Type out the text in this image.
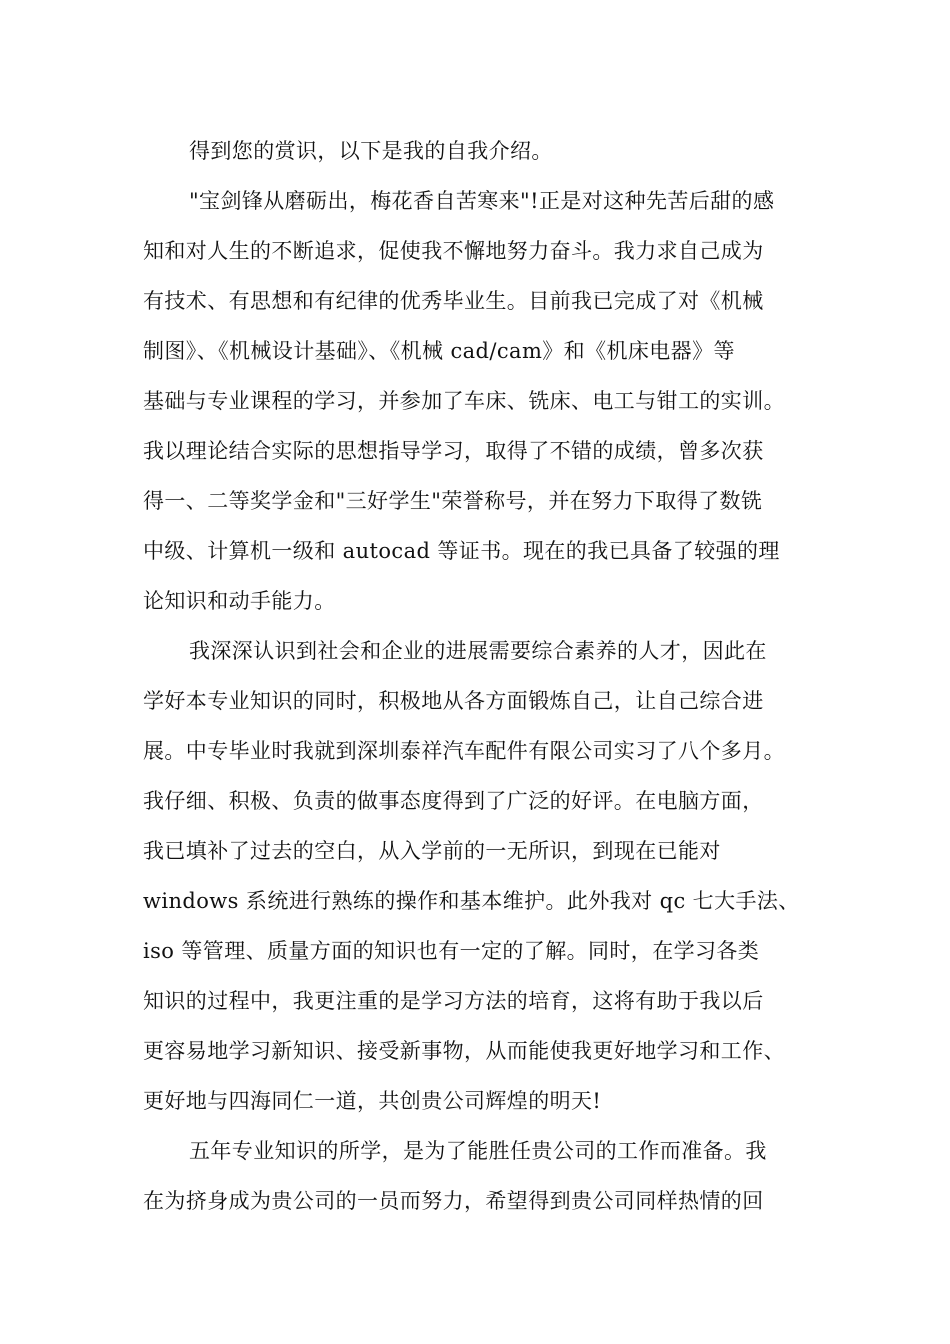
得到您的赏识，以下是我的自我介绍。
"宝剑锋从磨砺出，梅花香自苦寒来"!正是对这种先苦后甜的感
知和对人生的不断追求，促使我不懈地努力奋斗。我力求自己成为
有技术、有思想和有纪律的优秀毕业生。目前我已完成了对《机械
制图》、《机械设计基础》、《机械 cad/cam》和《机床电器》等
基础与专业课程的学习，并参加了车床、铣床、电工与钳工的实训。
我以理论结合实际的思想指导学习，取得了不错的成绩，曾多次获
得一、二等奖学金和"三好学生"荣誉称号，并在努力下取得了数铣
中级、计算机一级和 autocad 等证书。现在的我已具备了较强的理
论知识和动手能力。
我深深认识到社会和企业的进展需要综合素养的人才，因此在
学好本专业知识的同时，积极地从各方面锻炼自己，让自己综合进
展。中专毕业时我就到深圳泰祥汽车配件有限公司实习了八个多月。
我仔细、积极、负责的做事态度得到了广泛的好评。在电脑方面，
我已填补了过去的空白，从入学前的一无所识，到现在已能对
windows 系统进行熟练的操作和基本维护。此外我对 qc 七大手法、
iso 等管理、质量方面的知识也有一定的了解。同时，在学习各类
知识的过程中，我更注重的是学习方法的培育，这将有助于我以后
更容易地学习新知识、接受新事物，从而能使我更好地学习和工作、
更好地与四海同仁一道，共创贵公司辉煌的明天!
五年专业知识的所学，是为了能胜任贵公司的工作而准备。我
在为挤身成为贵公司的一员而努力，希望得到贵公司同样热情的回
